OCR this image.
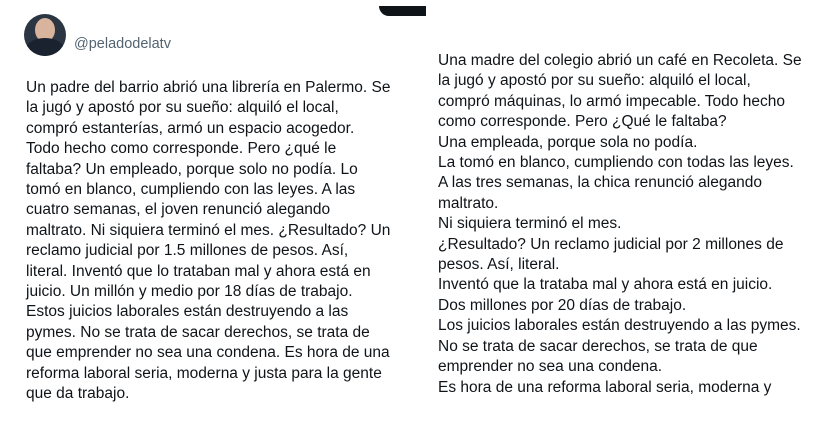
@peladodelatv
Un padre del barrio abrió una librería en Palermo. Se
la jugó y apostó por su sueño: alquiló el local,
compró estanterías, armó un espacio acogedor.
Todo hecho como corresponde. Pero ¿qué le
faltaba? Un empleado, porque solo no podía. Lo
tomó en blanco, cumpliendo con las leyes. A las
cuatro semanas, el joven renunció alegando
maltrato. Ni siquiera terminó el mes. ¿Resultado? Un
reclamo judicial por 1.5 millones de pesos. Así,
literal. Inventó que lo trataban mal y ahora está en
juicio. Un millón y medio por 18 días de trabajo.
Estos juicios laborales están destruyendo a las
pymes. No se trata de sacar derechos, se trata de
que emprender no sea una condena. Es hora de una
reforma laboral seria, moderna y justa para la gente
que da trabajo.
Una madre del colegio abrió un café en Recoleta. Se
la jugó y apostó por su sueño: alquiló el local,
compró máquinas, lo armó impecable. Todo hecho
como corresponde. Pero ¿Qué le faltaba?
Una empleada, porque sola no podía.
La tomó en blanco, cumpliendo con todas las leyes.
A las tres semanas, la chica renunció alegando
maltrato.
Ni siquiera terminó el mes.
¿Resultado? Un reclamo judicial por 2 millones de
pesos. Así, literal.
Inventó que la trataba mal y ahora está en juicio.
Dos millones por 20 días de trabajo.
Los juicios laborales están destruyendo a las pymes.
No se trata de sacar derechos, se trata de que
emprender no sea una condena.
Es hora de una reforma laboral seria, moderna y
